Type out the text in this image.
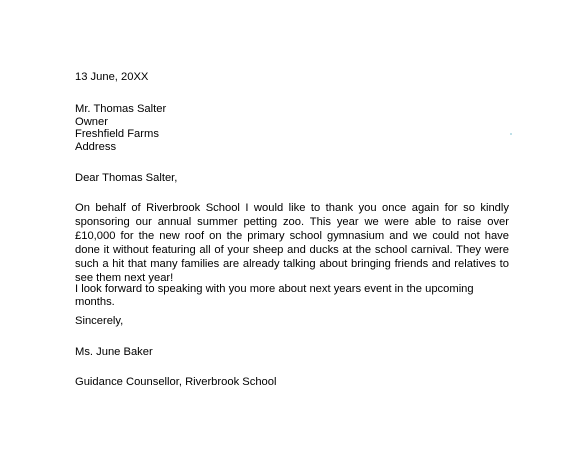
13 June, 20XX

Mr. Thomas Salter
Owner
Freshfield Farms
Address

Dear Thomas Salter,

On behalf of Riverbrook School I would like to thank you once again for so kindly sponsoring our annual summer petting zoo. This year we were able to raise over £10,000 for the new roof on the primary school gymnasium and we could not have done it without featuring all of your sheep and ducks at the school carnival. They were such a hit that many families are already talking about bringing friends and relatives to see them next year!

I look forward to speaking with you more about next years event in the upcoming months.

Sincerely,

Ms. June Baker

Guidance Counsellor, Riverbrook School
